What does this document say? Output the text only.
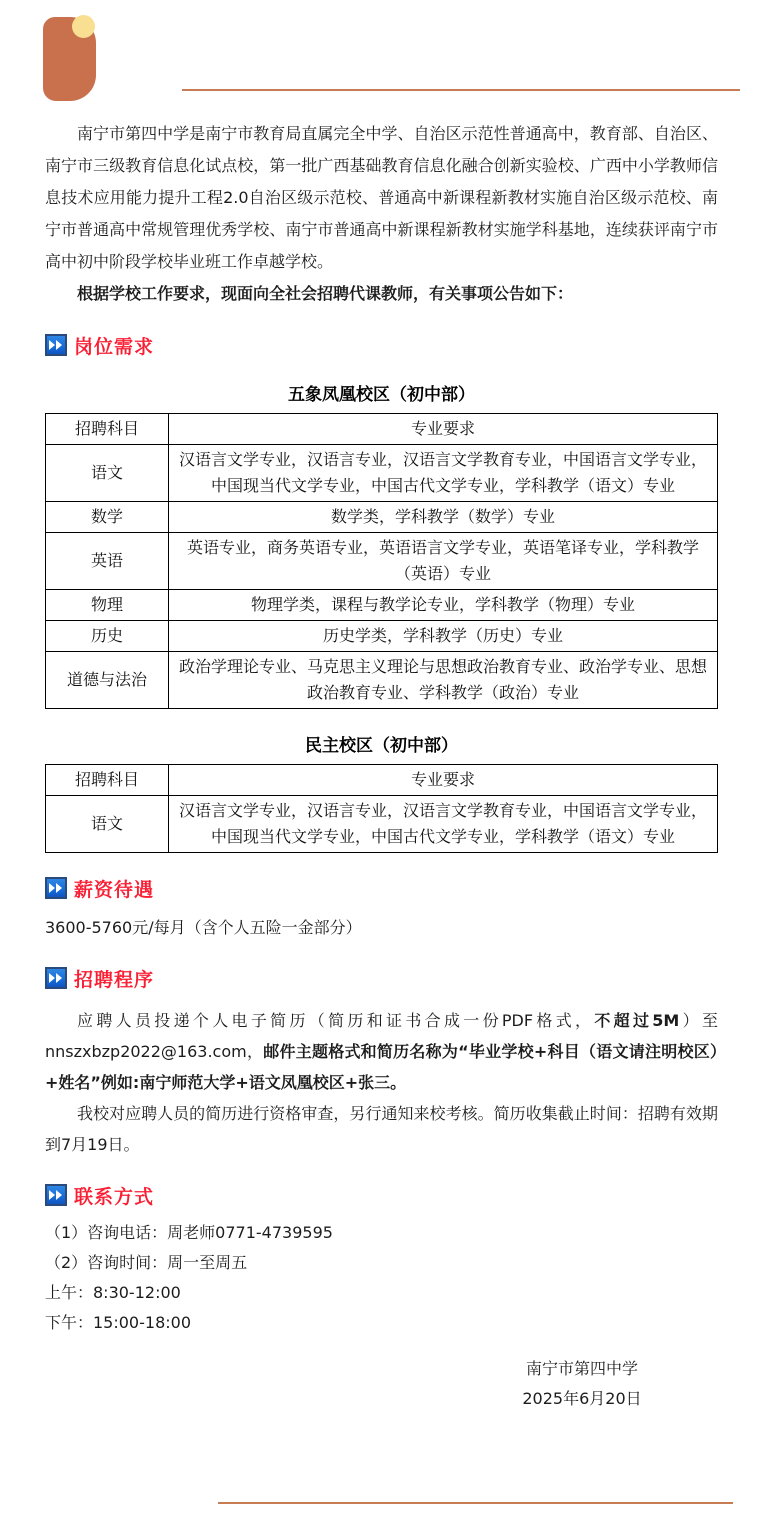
南宁市第四中学是南宁市教育局直属完全中学、自治区示范性普通高中，教育部、自治区、南宁市三级教育信息化试点校，第一批广西基础教育信息化融合创新实验校、广西中小学教师信息技术应用能力提升工程2.0自治区级示范校、普通高中新课程新教材实施自治区级示范校、南宁市普通高中常规管理优秀学校、南宁市普通高中新课程新教材实施学科基地，连续获评南宁市高中初中阶段学校毕业班工作卓越学校。

根据学校工作要求，现面向全社会招聘代课教师，有关事项公告如下：

岗位需求
五象凤凰校区（初中部）
招聘科目	专业要求
语文	汉语言文学专业，汉语言专业，汉语言文学教育专业，中国语言文学专业，中国现当代文学专业，中国古代文学专业，学科教学（语文）专业
数学	数学类，学科教学（数学）专业
英语	英语专业，商务英语专业，英语语言文学专业，英语笔译专业，学科教学（英语）专业
物理	物理学类，课程与教学论专业，学科教学（物理）专业
历史	历史学类，学科教学（历史）专业
道德与法治	政治学理论专业、马克思主义理论与思想政治教育专业、政治学专业、思想政治教育专业、学科教学（政治）专业
民主校区（初中部）
招聘科目	专业要求
语文	汉语言文学专业，汉语言专业，汉语言文学教育专业，中国语言文学专业，中国现当代文学专业，中国古代文学专业，学科教学（语文）专业
薪资待遇
3600-5760元/每月（含个人五险一金部分）
招聘程序

应聘人员投递个人电子简历（简历和证书合成一份PDF格式，不超过5M）至nnszxbzp2022@163.com，邮件主题格式和简历名称为“毕业学校+科目（语文请注明校区）+姓名”例如:南宁师范大学+语文凤凰校区+张三。

我校对应聘人员的简历进行资格审查，另行通知来校考核。简历收集截止时间：招聘有效期到7月19日。

联系方式
（1）咨询电话：周老师0771-4739595
（2）咨询时间：周一至周五
上午：8:30-12:00
下午：15:00-18:00
南宁市第四中学
2025年6月20日
